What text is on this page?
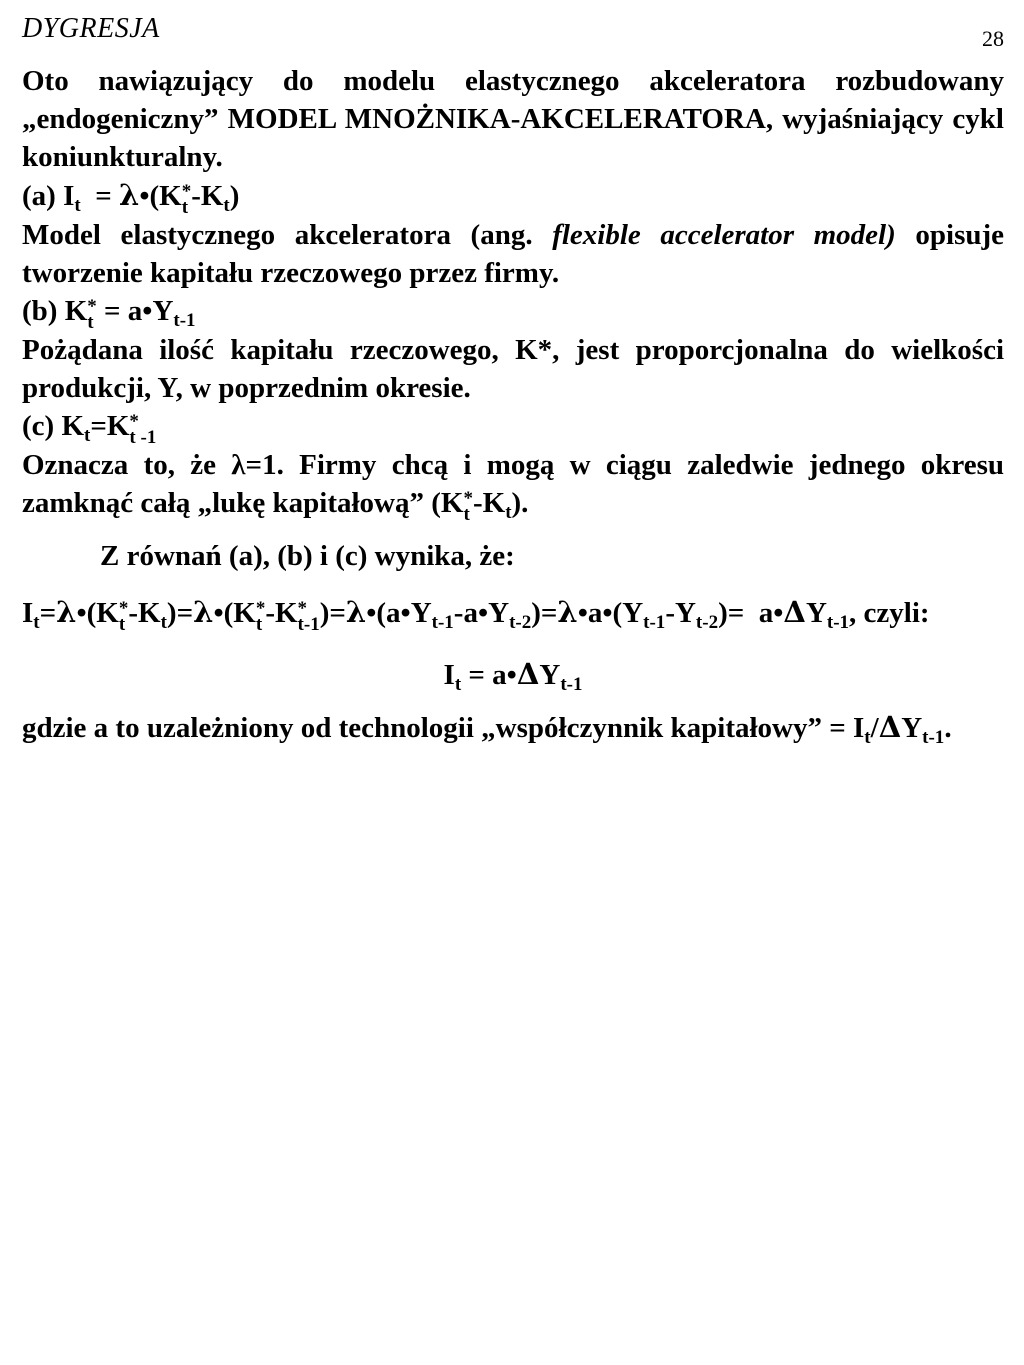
DYGRESJA	28

Oto nawiązujący do modelu elastycznego akceleratora rozbudowany „endogeniczny” MODEL MNOŻNIKA-AKCELERATORA, wyjaśniający cykl koniunkturalny.

(a) $I_t$  = λ•(K *
t $-K_t$)

Model elastycznego akceleratora (ang. flexible accelerator model) opisuje tworzenie kapitału rzeczowego przez firmy.

(b) K *
$t = a•Y_{t-1}$

Pożądana ilość kapitału rzeczowego, K*, jest proporcjonalna do wielkości produkcji, Y, w poprzednim okresie.

(c) $K_t=K$ *
t -1

Oznacza to, że λ=1. Firmy chcą i mogą w ciągu zaledwie jednego okresu zamknąć całą „lukę kapitałową” (K *
t $-K_t$).

Z równań (a), (b) i (c) wynika, że:

$I_t=\lambda•(K$ *
t $-K_t)=\lambda•(K$ *
t -K *
t-1 )$=\lambda•(a•Y_{t-1}-a•Y_{t-2})=\lambda•a•(Y_{t-1}-Y_{t-2})=$  $a•\Delta Y_{t-1}$, czyli:

$I_t$ = $a•\Delta Y_{t-1}$

gdzie a to uzależniony od technologii „współczynnik kapitałowy” = $I_t/\Delta Y_{t-1}$.
